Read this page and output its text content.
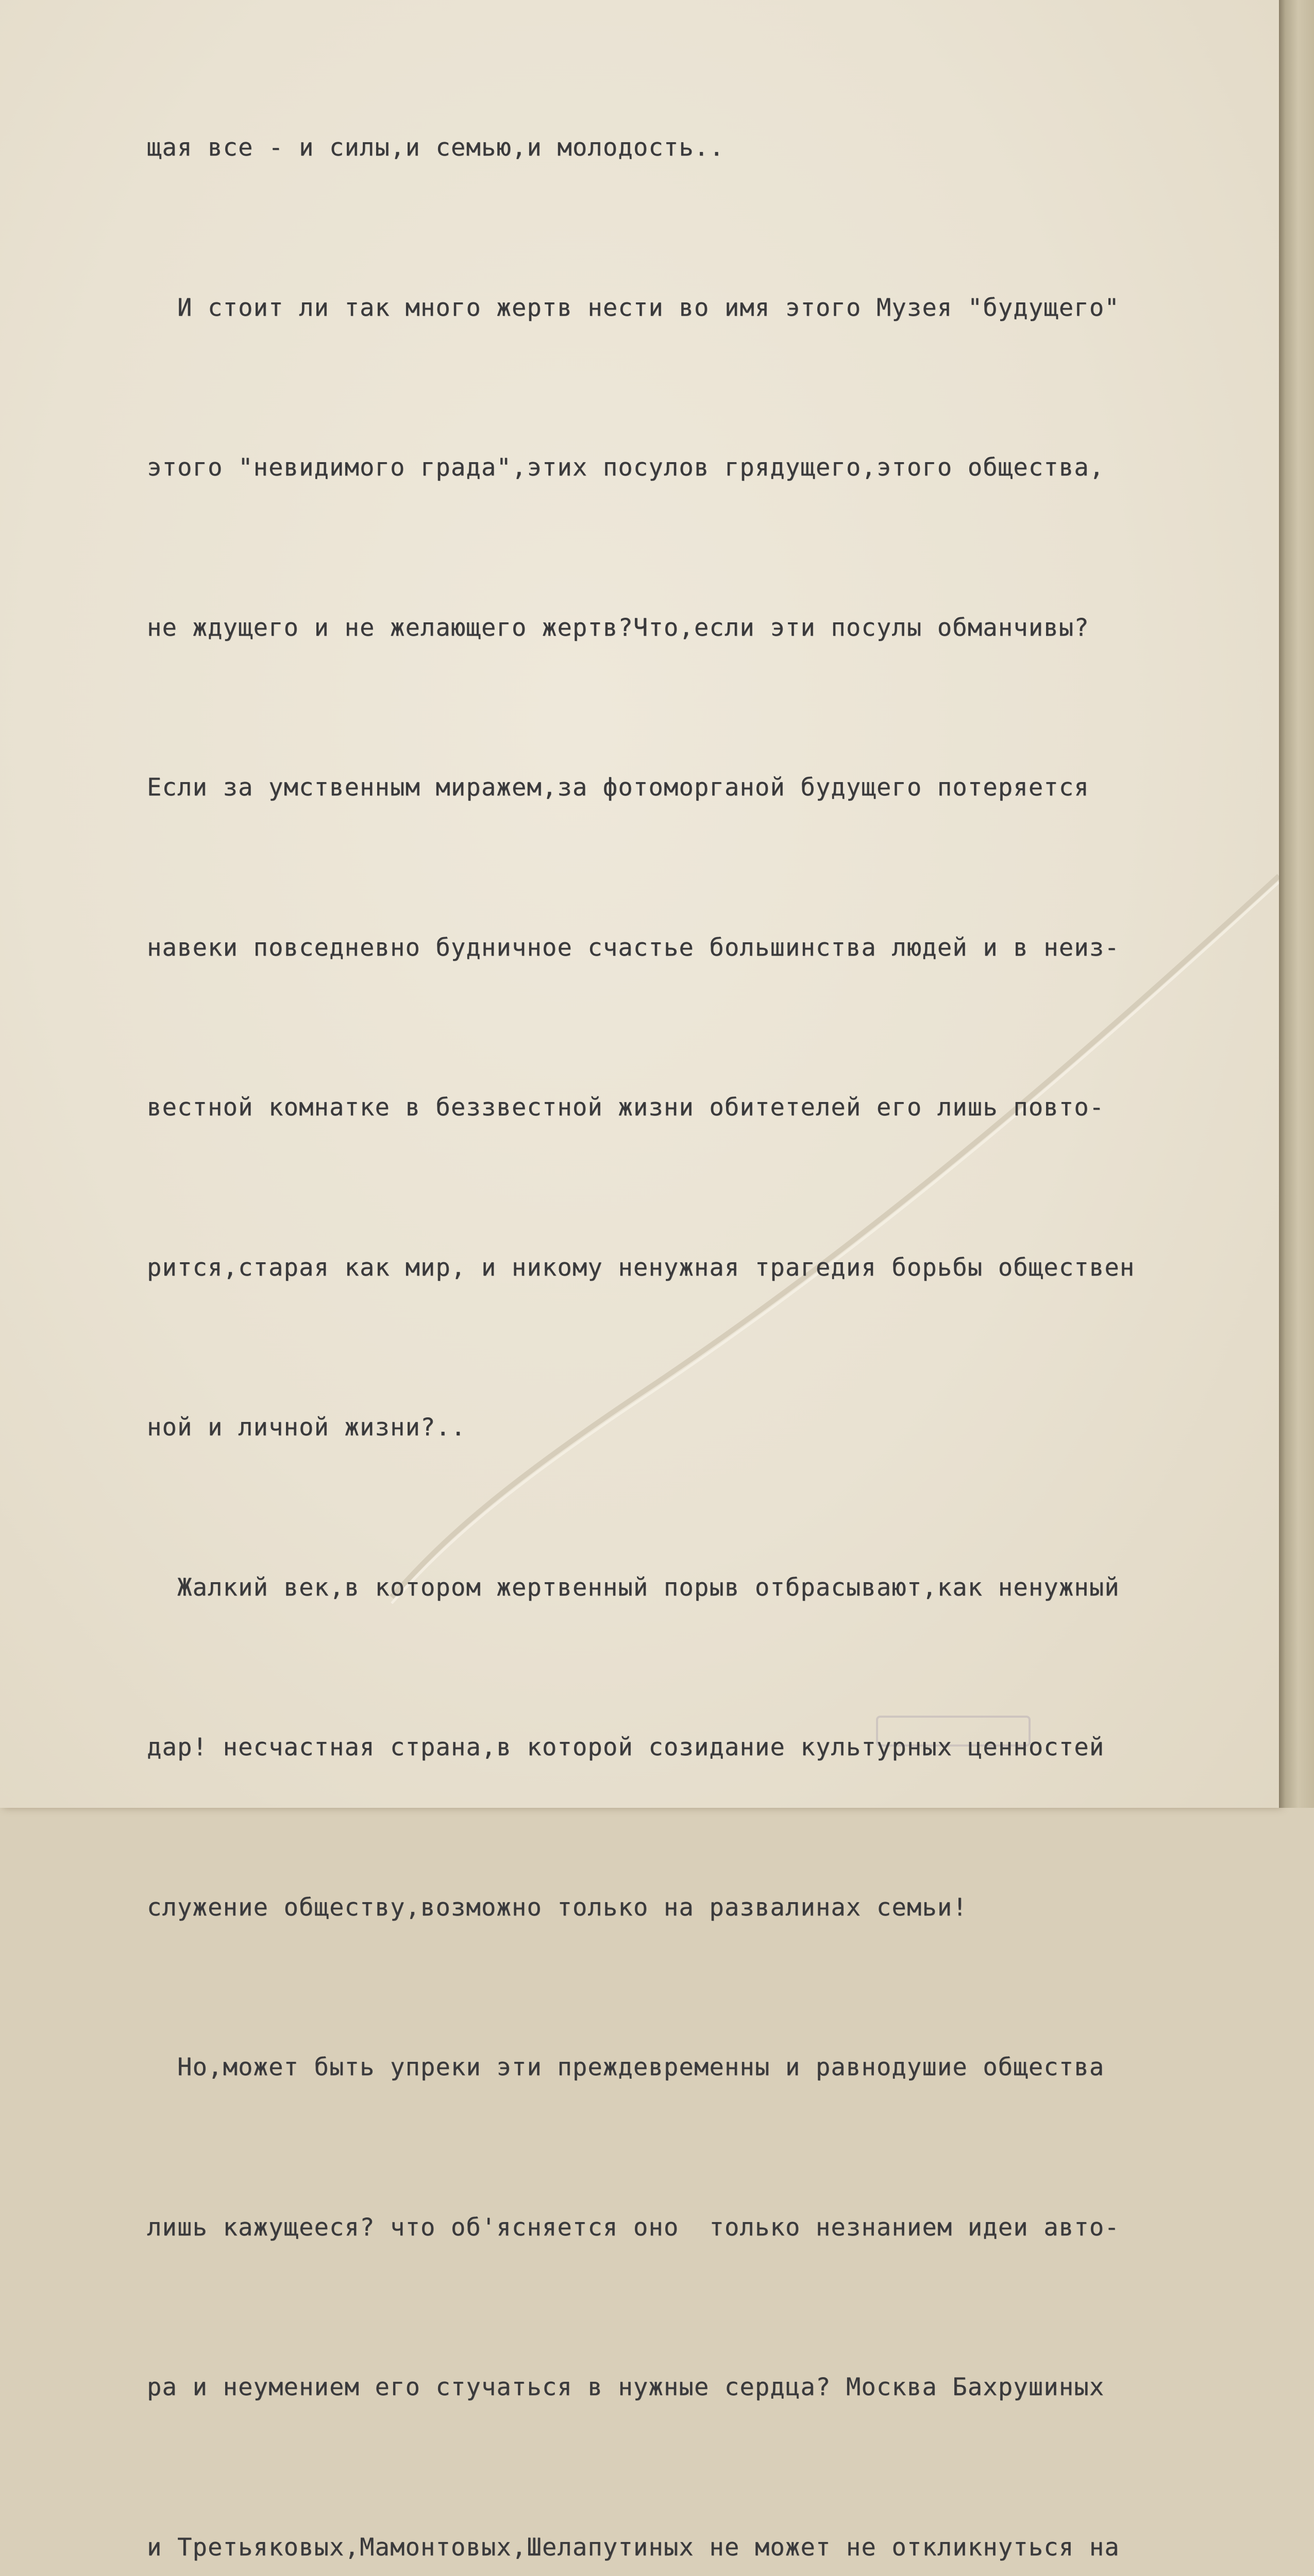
щая все - и силы,и семью,и молодость..

И стоит ли так много жертв нести во имя этого Музея "будущего"

этого "невидимого града",этих посулов грядущего,этого общества,

не ждущего и не желающего жертв?Что,если эти посулы обманчивы?

Если за умственным миражем,за фотоморганой будущего потеряется

навеки повседневно будничное счастье большинства людей и в неиз-

вестной комнатке в беззвестной жизни обитетелей его лишь повто-

рится,старая как мир, и никому ненужная трагедия борьбы обществен

ной и личной жизни?..

Жалкий век,в котором жертвенный порыв отбрасывают,как ненужный

дар! несчастная страна,в которой созидание культурных ценностей

служение обществу,возможно только на развалинах семьи!

Но,может быть упреки эти преждевременны и равнодушие общества

лишь кажущееся? что об'ясняется оно  только незнанием идеи авто-

ра и неумением его стучаться в нужные сердца? Москва Бахрушиных

и Третьяковых,Мамонтовых,Шелапутиных не может не откликнуться на
